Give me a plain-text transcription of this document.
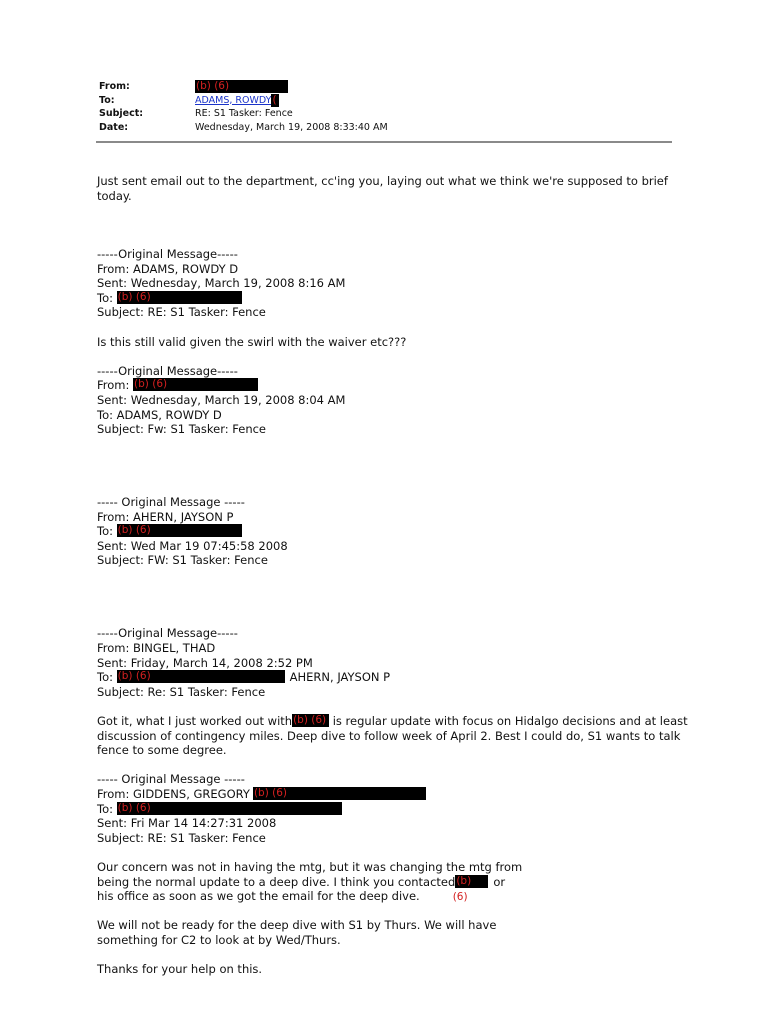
From:	(b) (6)
To:	ADAMS, ROWDY (
Subject:	RE: S1 Tasker: Fence
Date:	Wednesday, March 19, 2008 8:33:40 AM
Just sent email out to the department, cc'ing you, laying out what we think we're supposed to brief
today.
-----Original Message-----
From: ADAMS, ROWDY D
Sent: Wednesday, March 19, 2008 8:16 AM
To: (b) (6)
Subject: RE: S1 Tasker: Fence
Is this still valid given the swirl with the waiver etc???
-----Original Message-----
From: (b) (6)
Sent: Wednesday, March 19, 2008 8:04 AM
To: ADAMS, ROWDY D
Subject: Fw: S1 Tasker: Fence
----- Original Message -----
From: AHERN, JAYSON P
To: (b) (6)
Sent: Wed Mar 19 07:45:58 2008
Subject: FW: S1 Tasker: Fence
-----Original Message-----
From: BINGEL, THAD
Sent: Friday, March 14, 2008 2:52 PM
To: (b) (6)	AHERN, JAYSON P
Subject: Re: S1 Tasker: Fence
Got it, what I just worked out with(b) (6) is regular update with focus on Hidalgo decisions and at least
discussion of contingency miles. Deep dive to follow week of April 2. Best I could do, S1 wants to talk
fence to some degree.
----- Original Message -----
From: GIDDENS, GREGORY (b) (6)
To: (b) (6)
Sent: Fri Mar 14 14:27:31 2008
Subject: RE: S1 Tasker: Fence
Our concern was not in having the mtg, but it was changing the mtg from
being the normal update to a deep dive. I think you contacted(b) or
his office as soon as we got the email for the deep dive.	(6)
We will not be ready for the deep dive with S1 by Thurs. We will have
something for C2 to look at by Wed/Thurs.
Thanks for your help on this.
